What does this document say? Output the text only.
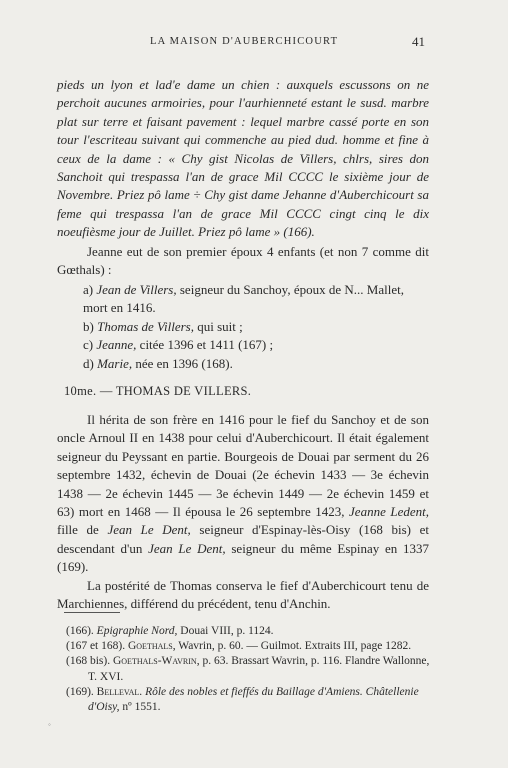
LA MAISON D'AUBERCHICOURT	41

pieds un lyon et lad'e dame un chien : auxquels escussons on ne perchoit aucunes armoiries, pour l'aurhienneté estant le susd. marbre plat sur terre et faisant pavement : lequel marbre cassé porte en son tour l'escriteau suivant qui commenche au pied dud. homme et fine à ceux de la dame : « Chy gist Nicolas de Villers, chlrs, sires don Sanchoit qui trespassa l'an de grace Mil CCCC le sixième jour de Novembre. Priez pô lame ÷ Chy gist dame Jehanne d'Auberchicourt sa feme qui trespassa l'an de grace Mil CCCC cingt cinq le dix noeufièsme jour de Juillet. Priez pô lame » (166).

Jeanne eut de son premier époux 4 enfants (et non 7 comme dit Gœthals) :

a) Jean de Villers, seigneur du Sanchoy, époux de N... Mallet, mort en 1416.
b) Thomas de Villers, qui suit ;
c) Jeanne, citée 1396 et 1411 (167) ;
d) Marie, née en 1396 (168).
10me. — THOMAS DE VILLERS.

Il hérita de son frère en 1416 pour le fief du Sanchoy et de son oncle Arnoul II en 1438 pour celui d'Auberchicourt. Il était également seigneur du Peyssant en partie. Bourgeois de Douai par serment du 26 septembre 1432, échevin de Douai (2e échevin 1433 — 3e échevin 1438 — 2e échevin 1445 — 3e échevin 1449 — 2e échevin 1459 et 63) mort en 1468 — Il épousa le 26 septembre 1423, Jeanne Ledent, fille de Jean Le Dent, seigneur d'Espinay-lès-Oisy (168 bis) et descendant d'un Jean Le Dent, seigneur du même Espinay en 1337 (169).

La postérité de Thomas conserva le fief d'Auberchicourt tenu de Marchiennes, différend du précédent, tenu d'Anchin.

(166). Epigraphie Nord, Douai VIII, p. 1124.
(167 et 168). Goethals, Wavrin, p. 60. — Guilmot. Extraits III, page 1282.
(168 bis). Goethals-Wavrin, p. 63. Brassart Wavrin, p. 116. Flandre Wallonne, T. XVI.
(169). Belleval. Rôle des nobles et fieffés du Baillage d'Amiens. Châtellenie d'Oisy, nº 1551.
◦
